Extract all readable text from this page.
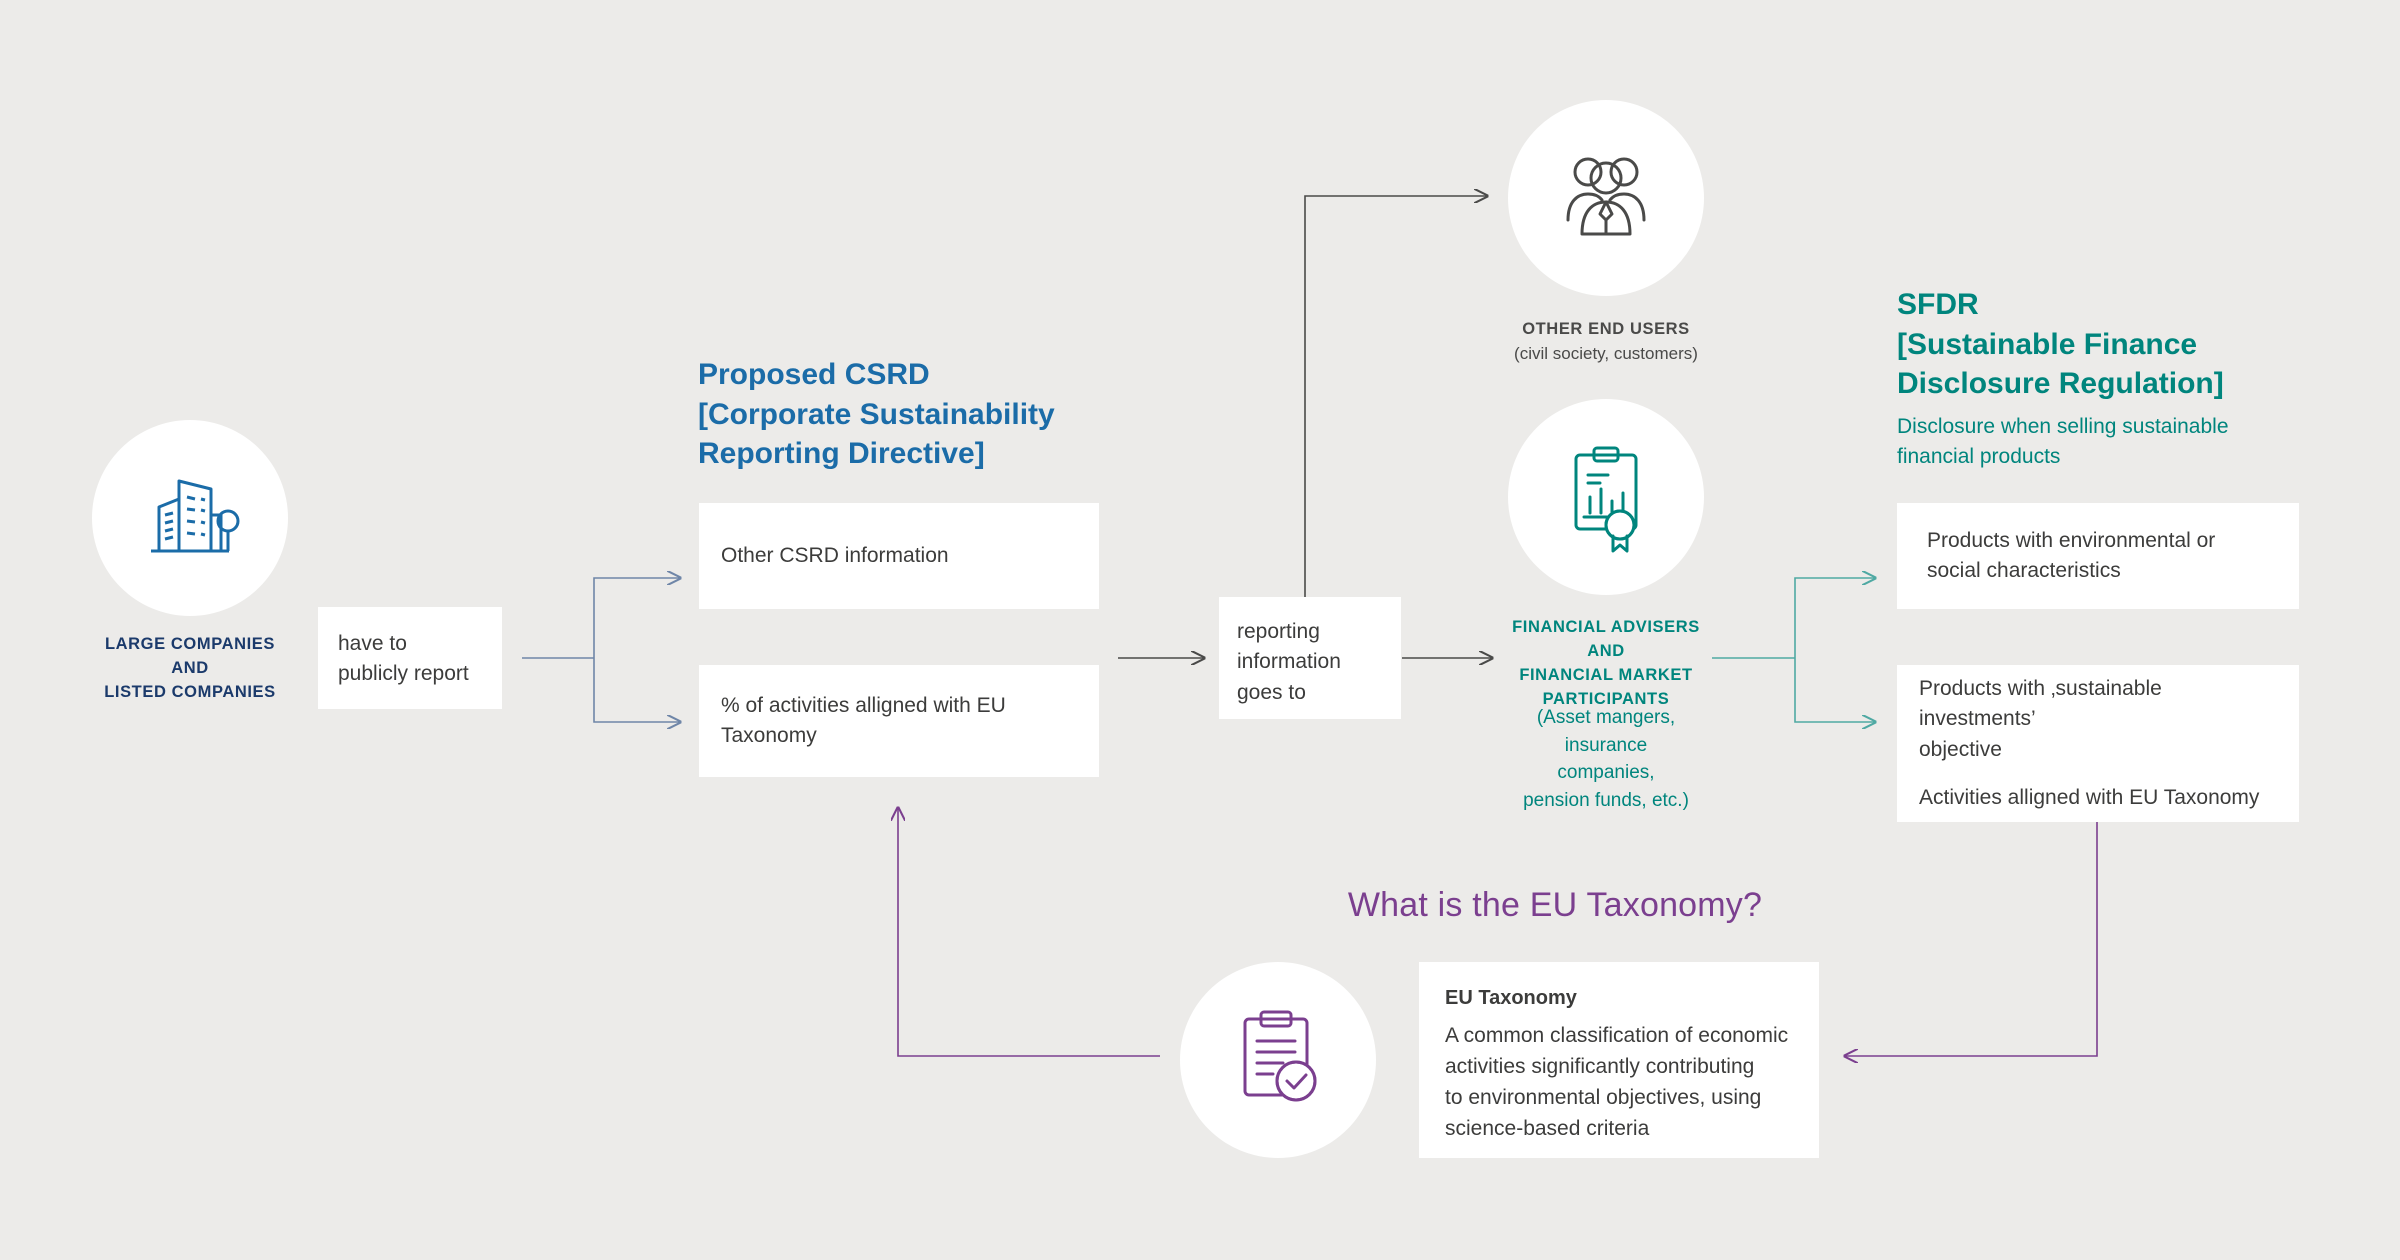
LARGE COMPANIES
AND
LISTED COMPANIES
have to
publicly report
Proposed CSRD
[Corporate Sustainability
Reporting Directive]
Other CSRD information
% of activities alligned with EU Taxonomy
reporting
information
goes to
OTHER END USERS
(civil society, customers)
FINANCIAL ADVISERS
AND
FINANCIAL MARKET
PARTICIPANTS
(Asset mangers,
insurance
companies,
pension funds, etc.)
SFDR
[Sustainable Finance
Disclosure Regulation]
Disclosure when selling sustainable
financial products
Products with environmental or
social characteristics
Products with ‚sustainable investments’
objective
Activities alligned with EU Taxonomy
What is the EU Taxonomy?
EU Taxonomy
A common classification of economic
activities significantly contributing
to environmental objectives, using
science-based criteria
